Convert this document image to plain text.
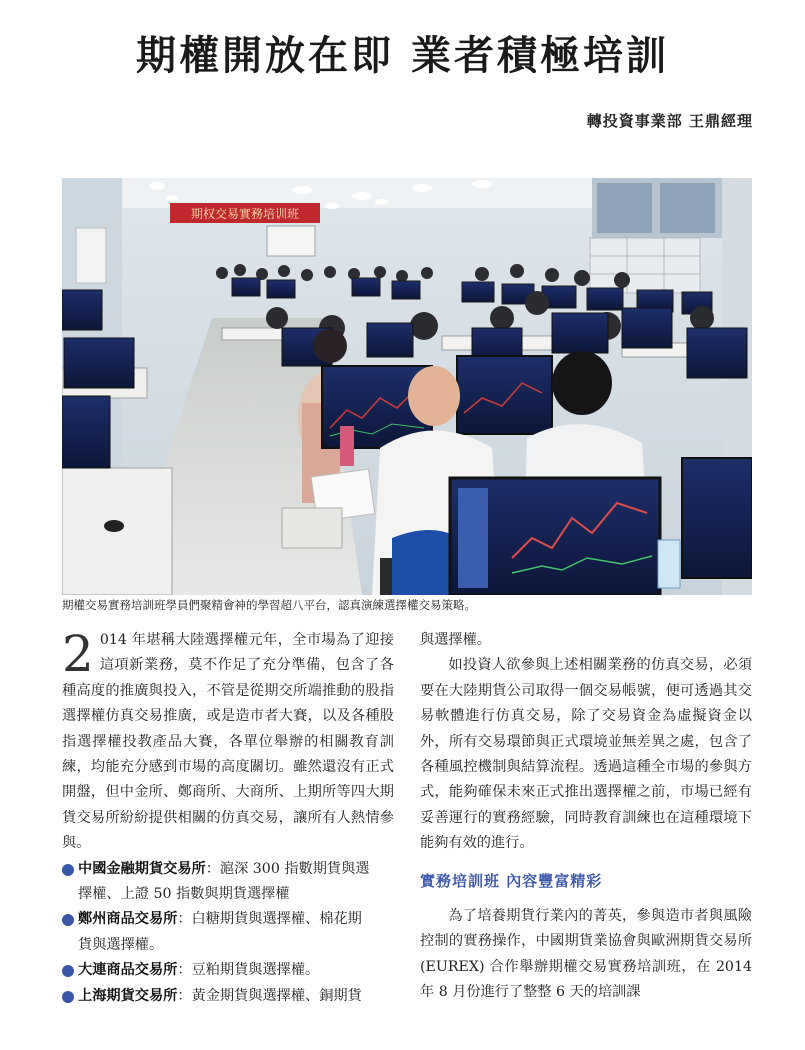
期權開放在即 業者積極培訓
轉投資事業部 王鼎經理
期权交易實務培训班
期權交易實務培訓班學員們聚精會神的學習超八平台，認真演練選擇權交易策略。

2 014 年堪稱大陸選擇權元年，全市場為了迎接這項新業務，莫不作足了充分準備，包含了各種高度的推廣與投入，不管是從期交所端推動的股指選擇權仿真交易推廣，或是造市者大賽，以及各種股指選擇權投教產品大賽，各單位舉辦的相關教育訓練，均能充分感到市場的高度關切。雖然還沒有正式開盤，但中金所、鄭商所、大商所、上期所等四大期貨交易所紛紛提供相關的仿真交易，讓所有人熱情參與。

中國金融期貨交易所：滬深 300 指數期貨與選
擇權、上證 50 指數與期貨選擇權
鄭州商品交易所：白糖期貨與選擇權、棉花期
貨與選擇權。
大連商品交易所：豆粕期貨與選擇權。
上海期貨交易所：黃金期貨與選擇權、銅期貨

與選擇權。

如投資人欲參與上述相關業務的仿真交易，必須要在大陸期貨公司取得一個交易帳號，便可透過其交易軟體進行仿真交易，除了交易資金為虛擬資金以外，所有交易環節與正式環境並無差異之處，包含了各種風控機制與結算流程。透過這種全市場的參與方式，能夠確保未來正式推出選擇權之前，市場已經有妥善運行的實務經驗，同時教育訓練也在這種環境下能夠有效的進行。

實務培訓班 內容豐富精彩

為了培養期貨行業內的菁英，參與造市者與風險控制的實務操作，中國期貨業協會與歐洲期貨交易所 (EUREX) 合作舉辦期權交易實務培訓班，在 2014 年 8 月份進行了整整 6 天的培訓課
